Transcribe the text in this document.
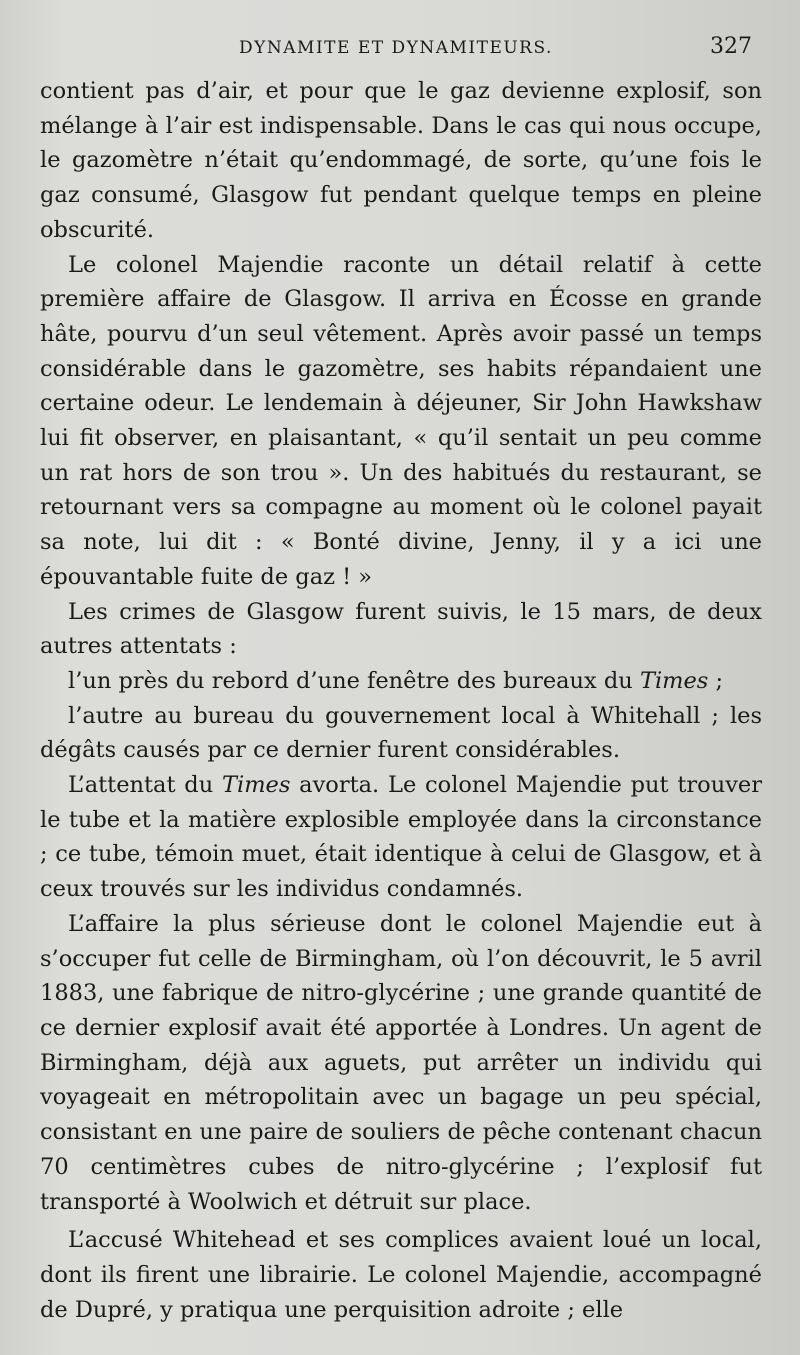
DYNAMITE ET DYNAMITEURS.	327

contient pas d’air, et pour que le gaz devienne explosif, son mélange à l’air est indispensable. Dans le cas qui nous occupe, le gazomètre n’était qu’endommagé, de sorte, qu’une fois le gaz consumé, Glasgow fut pendant quelque temps en pleine obscurité.

Le colonel Majendie raconte un détail relatif à cette première affaire de Glasgow. Il arriva en Écosse en grande hâte, pourvu d’un seul vêtement. Après avoir passé un temps considérable dans le gazomètre, ses habits répandaient une certaine odeur. Le lendemain à déjeuner, Sir John Hawkshaw lui fit observer, en plaisantant, « qu’il sentait un peu comme un rat hors de son trou ». Un des habitués du restaurant, se retournant vers sa compagne au moment où le colonel payait sa note, lui dit : « Bonté divine, Jenny, il y a ici une épouvantable fuite de gaz ! »

Les crimes de Glasgow furent suivis, le 15 mars, de deux autres attentats :

l’un près du rebord d’une fenêtre des bureaux du Times ;

l’autre au bureau du gouvernement local à Whitehall ; les dégâts causés par ce dernier furent considérables.

L’attentat du Times avorta. Le colonel Majendie put trouver le tube et la matière explosible employée dans la circonstance ; ce tube, témoin muet, était identique à celui de Glasgow, et à ceux trouvés sur les individus condamnés.

L’affaire la plus sérieuse dont le colonel Majendie eut à s’occuper fut celle de Birmingham, où l’on découvrit, le 5 avril 1883, une fabrique de nitro-glycérine ; une grande quantité de ce dernier explosif avait été apportée à Londres. Un agent de Birmingham, déjà aux aguets, put arrêter un individu qui voyageait en métropolitain avec un bagage un peu spécial, consistant en une paire de souliers de pêche contenant chacun 70 centimètres cubes de nitro-glycérine ; l’explosif fut transporté à Woolwich et détruit sur place.

L’accusé Whitehead et ses complices avaient loué un local, dont ils firent une librairie. Le colonel Majendie, accompagné de Dupré, y pratiqua une perquisition adroite ; elle
